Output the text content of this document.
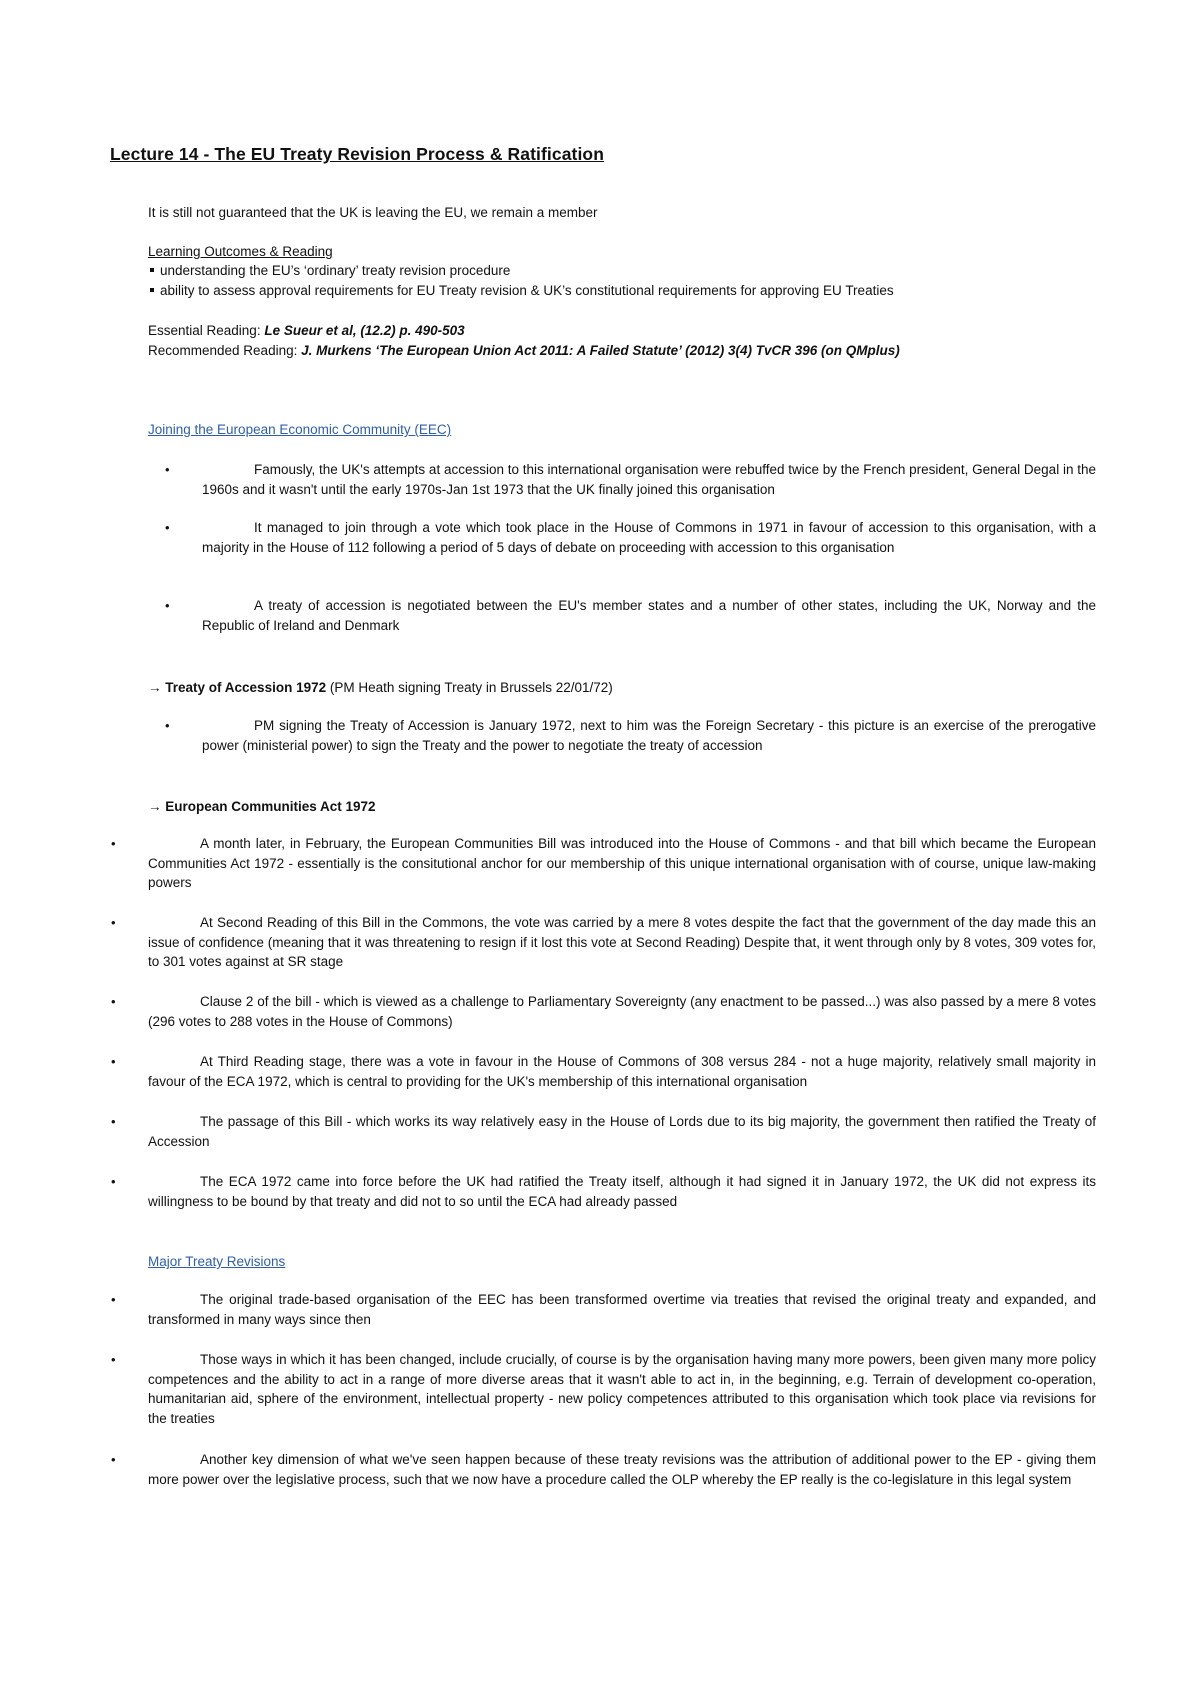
Lecture 14 - The EU Treaty Revision Process & Ratification
It is still not guaranteed that the UK is leaving the EU, we remain a member
Learning Outcomes & Reading
understanding the EU’s ‘ordinary’ treaty revision procedure
ability to assess approval requirements for EU Treaty revision & UK’s constitutional requirements for approving EU Treaties
Essential Reading: Le Sueur et al, (12.2) p. 490-503
Recommended Reading: J. Murkens ‘The European Union Act 2011: A Failed Statute’ (2012) 3(4) TvCR 396 (on QMplus)
Joining the European Economic Community (EEC)
•	Famously, the UK's attempts at accession to this international organisation were rebuffed twice by the French president, General Degal in the 1960s and it wasn't until the early 1970s-Jan 1st 1973 that the UK finally joined this organisation
•	It managed to join through a vote which took place in the House of Commons in 1971 in favour of accession to this organisation, with a majority in the House of 112 following a period of 5 days of debate on proceeding with accession to this organisation
•	A treaty of accession is negotiated between the EU's member states and a number of other states, including the UK, Norway and the Republic of Ireland and Denmark
→ Treaty of Accession 1972 (PM Heath signing Treaty in Brussels 22/01/72)
•	PM signing the Treaty of Accession is January 1972, next to him was the Foreign Secretary - this picture is an exercise of the prerogative power (ministerial power) to sign the Treaty and the power to negotiate the treaty of accession
→ European Communities Act 1972
•	A month later, in February, the European Communities Bill was introduced into the House of Commons - and that bill which became the European Communities Act 1972 - essentially is the consitutional anchor for our membership of this unique international organisation with of course, unique law-making powers
•	At Second Reading of this Bill in the Commons, the vote was carried by a mere 8 votes despite the fact that the government of the day made this an issue of confidence (meaning that it was threatening to resign if it lost this vote at Second Reading) Despite that, it went through only by 8 votes, 309 votes for, to 301 votes against at SR stage
•	Clause 2 of the bill - which is viewed as a challenge to Parliamentary Sovereignty (any enactment to be passed...) was also passed by a mere 8 votes (296 votes to 288 votes in the House of Commons)
•	At Third Reading stage, there was a vote in favour in the House of Commons of 308 versus 284 - not a huge majority, relatively small majority in favour of the ECA 1972, which is central to providing for the UK's membership of this international organisation
•	The passage of this Bill - which works its way relatively easy in the House of Lords due to its big majority, the government then ratified the Treaty of Accession
•	The ECA 1972 came into force before the UK had ratified the Treaty itself, although it had signed it in January 1972, the UK did not express its willingness to be bound by that treaty and did not to so until the ECA had already passed
Major Treaty Revisions
•	The original trade-based organisation of the EEC has been transformed overtime via treaties that revised the original treaty and expanded, and transformed in many ways since then
•	Those ways in which it has been changed, include crucially, of course is by the organisation having many more powers, been given many more policy competences and the ability to act in a range of more diverse areas that it wasn't able to act in, in the beginning, e.g. Terrain of development co-operation, humanitarian aid, sphere of the environment, intellectual property - new policy competences attributed to this organisation which took place via revisions for the treaties
•	Another key dimension of what we've seen happen because of these treaty revisions was the attribution of additional power to the EP - giving them more power over the legislative process, such that we now have a procedure called the OLP whereby the EP really is the co-legislature in this legal system
